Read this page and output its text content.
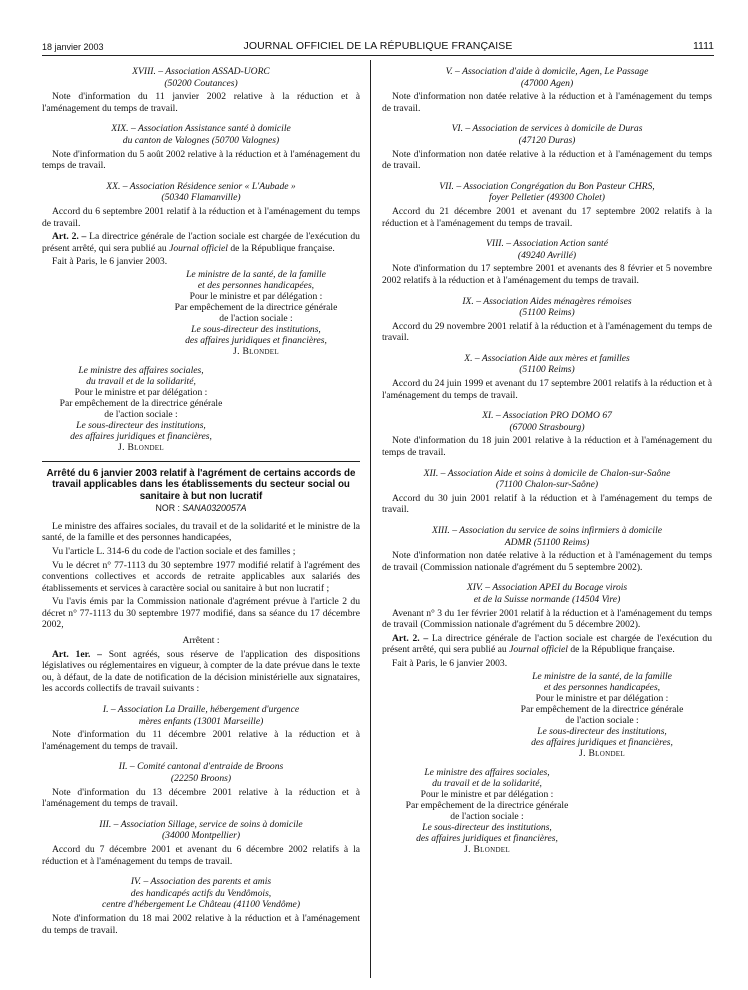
18 janvier 2003	JOURNAL OFFICIEL DE LA RÉPUBLIQUE FRANÇAISE	1111
XVIII. – Association ASSAD-UORC
(50200 Coutances)

Note d'information du 11 janvier 2002 relative à la réduction et à l'aménagement du temps de travail.

XIX. – Association Assistance santé à domicile
du canton de Valognes (50700 Valognes)

Note d'information du 5 août 2002 relative à la réduction et à l'aménagement du temps de travail.

XX. – Association Résidence senior « L'Aubade »
(50340 Flamanville)

Accord du 6 septembre 2001 relatif à la réduction et à l'aménagement du temps de travail.

Art. 2. – La directrice générale de l'action sociale est chargée de l'exécution du présent arrêté, qui sera publié au Journal officiel de la République française.

Fait à Paris, le 6 janvier 2003.

Le ministre de la santé, de la famille
et des personnes handicapées,
Pour le ministre et par délégation :
Par empêchement de la directrice générale
de l'action sociale :
Le sous-directeur des institutions,
des affaires juridiques et financières,
J. Blondel
Le ministre des affaires sociales,
du travail et de la solidarité,
Pour le ministre et par délégation :
Par empêchement de la directrice générale
de l'action sociale :
Le sous-directeur des institutions,
des affaires juridiques et financières,
J. Blondel
Arrêté du 6 janvier 2003 relatif à l'agrément de certains accords de travail applicables dans les établissements du secteur social ou sanitaire à but non lucratif
NOR : SANA0320057A

Le ministre des affaires sociales, du travail et de la solidarité et le ministre de la santé, de la famille et des personnes handicapées,

Vu l'article L. 314-6 du code de l'action sociale et des familles ;

Vu le décret n° 77-1113 du 30 septembre 1977 modifié relatif à l'agrément des conventions collectives et accords de retraite applicables aux salariés des établissements et services à caractère social ou sanitaire à but non lucratif ;

Vu l'avis émis par la Commission nationale d'agrément prévue à l'article 2 du décret n° 77-1113 du 30 septembre 1977 modifié, dans sa séance du 17 décembre 2002,

Arrêtent :

Art. 1er. – Sont agréés, sous réserve de l'application des dispositions législatives ou réglementaires en vigueur, à compter de la date prévue dans le texte ou, à défaut, de la date de notification de la décision ministérielle aux signataires, les accords collectifs de travail suivants :

I. – Association La Draille, hébergement d'urgence
mères enfants (13001 Marseille)

Note d'information du 11 décembre 2001 relative à la réduction et à l'aménagement du temps de travail.

II. – Comité cantonal d'entraide de Broons
(22250 Broons)

Note d'information du 13 décembre 2001 relative à la réduction et à l'aménagement du temps de travail.

III. – Association Sillage, service de soins à domicile
(34000 Montpellier)

Accord du 7 décembre 2001 et avenant du 6 décembre 2002 relatifs à la réduction et à l'aménagement du temps de travail.

IV. – Association des parents et amis
des handicapés actifs du Vendômois,
centre d'hébergement Le Château (41100 Vendôme)

Note d'information du 18 mai 2002 relative à la réduction et à l'aménagement du temps de travail.

V. – Association d'aide à domicile, Agen, Le Passage
(47000 Agen)

Note d'information non datée relative à la réduction et à l'aménagement du temps de travail.

VI. – Association de services à domicile de Duras
(47120 Duras)

Note d'information non datée relative à la réduction et à l'aménagement du temps de travail.

VII. – Association Congrégation du Bon Pasteur CHRS,
foyer Pelletier (49300 Cholet)

Accord du 21 décembre 2001 et avenant du 17 septembre 2002 relatifs à la réduction et à l'aménagement du temps de travail.

VIII. – Association Action santé
(49240 Avrillé)

Note d'information du 17 septembre 2001 et avenants des 8 février et 5 novembre 2002 relatifs à la réduction et à l'aménagement du temps de travail.

IX. – Association Aides ménagères rémoises
(51100 Reims)

Accord du 29 novembre 2001 relatif à la réduction et à l'aménagement du temps de travail.

X. – Association Aide aux mères et familles
(51100 Reims)

Accord du 24 juin 1999 et avenant du 17 septembre 2001 relatifs à la réduction et à l'aménagement du temps de travail.

XI. – Association PRO DOMO 67
(67000 Strasbourg)

Note d'information du 18 juin 2001 relative à la réduction et à l'aménagement du temps de travail.

XII. – Association Aide et soins à domicile de Chalon-sur-Saône
(71100 Chalon-sur-Saône)

Accord du 30 juin 2001 relatif à la réduction et à l'aménagement du temps de travail.

XIII. – Association du service de soins infirmiers à domicile
ADMR (51100 Reims)

Note d'information non datée relative à la réduction et à l'aménagement du temps de travail (Commission nationale d'agrément du 5 septembre 2002).

XIV. – Association APEI du Bocage virois
et de la Suisse normande (14504 Vire)

Avenant n° 3 du 1er février 2001 relatif à la réduction et à l'aménagement du temps de travail (Commission nationale d'agrément du 5 décembre 2002).

Art. 2. – La directrice générale de l'action sociale est chargée de l'exécution du présent arrêté, qui sera publié au Journal officiel de la République française.

Fait à Paris, le 6 janvier 2003.

Le ministre de la santé, de la famille
et des personnes handicapées,
Pour le ministre et par délégation :
Par empêchement de la directrice générale
de l'action sociale :
Le sous-directeur des institutions,
des affaires juridiques et financières,
J. Blondel
Le ministre des affaires sociales,
du travail et de la solidarité,
Pour le ministre et par délégation :
Par empêchement de la directrice générale
de l'action sociale :
Le sous-directeur des institutions,
des affaires juridiques et financières,
J. Blondel
